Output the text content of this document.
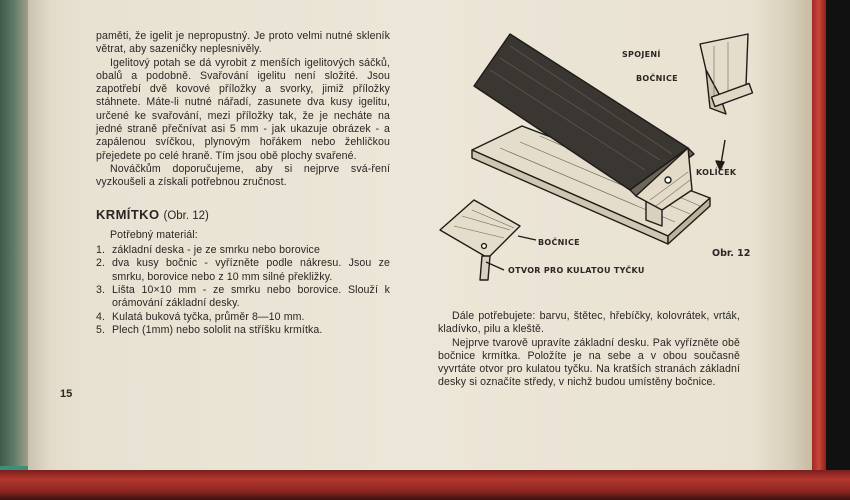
paměti, že igelit je nepropustný. Je proto velmi nutné skleník větrat, aby sazeničky neplesnivěly.

Igelitový potah se dá vyrobit z menších igelitových sáčků, obalů a podobně. Svařování igelitu není složité. Jsou zapotřebí dvě kovové příložky a svorky, jimiž příložky stáhnete. Máte-li nutné nářadí, zasunete dva kusy igelitu, určené ke svařování, mezi příložky tak, že je necháte na jedné straně přečnívat asi 5 mm - jak ukazuje obrázek - a zapálenou svíčkou, plynovým hořákem nebo žehličkou přejedete po celé hraně. Tím jsou obě plochy svařené.

Nováčkům doporučujeme, aby si nejprve svá-ření vyzkoušeli a získali potřebnou zručnost.

KRMÍTKO (Obr. 12)

Potřebný materiál:

1. základní deska - je ze smrku nebo borovice
2. dva kusy bočnic - vyřízněte podle nákresu. Jsou ze smrku, borovice nebo z 10 mm silné překližky.
3. Lišta 10×10 mm - ze smrku nebo borovice. Slouží k orámování základní desky.
4. Kulatá buková tyčka, průměr 8—10 mm.
5. Plech (1mm) nebo sololit na stříšku krmítka.
15
SPOJENÍ
BOČNICE
KOLÍČEK
BOČNICE
OTVOR PRO KULATOU TYČKU
Obr. 12

Dále potřebujete: barvu, štětec, hřebíčky, kolovrátek, vrták, kladívko, pilu a kleště.

Nejprve tvarově upravíte základní desku. Pak vyřízněte obě bočnice krmítka. Položíte je na sebe a v obou současně vyvrtáte otvor pro kulatou tyčku. Na kratších stranách základní desky si označíte středy, v nichž budou umístěny bočnice.
